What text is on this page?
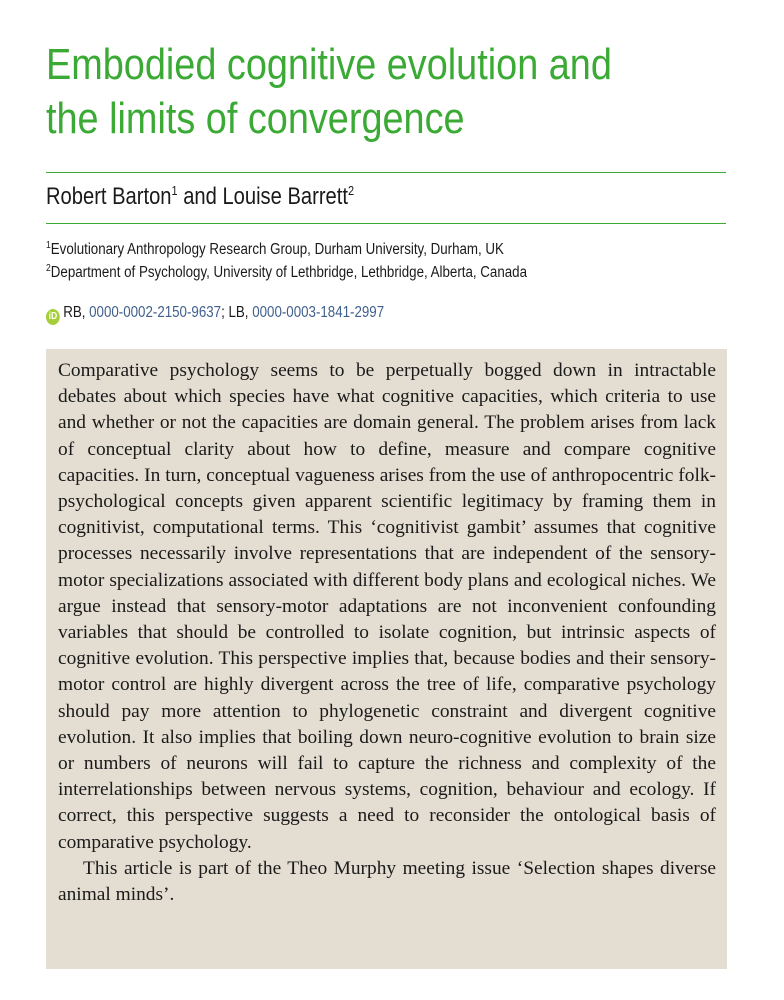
Embodied cognitive evolution and the limits of convergence
Robert Barton$^1$ and Louise Barrett$^2$
$^1$Evolutionary Anthropology Research Group, Durham University, Durham, UK
$^2$Department of Psychology, University of Lethbridge, Lethbridge, Alberta, Canada
iD RB, 0000-0002-2150-9637; LB, 0000-0003-1841-2997

Comparative psychology seems to be perpetually bogged down in intractable debates about which species have what cognitive capacities, which criteria to use and whether or not the capacities are domain general. The problem arises from lack of conceptual clarity about how to define, measure and compare cognitive capacities. In turn, conceptual vagueness arises from the use of anthropocentric folk-psychological concepts given apparent scientific legitimacy by framing them in cognitivist, computational terms. This ‘cognitivist gambit’ assumes that cognitive processes necessarily involve representations that are independent of the sensory-motor specializations associated with different body plans and ecological niches. We argue instead that sensory-motor adaptations are not inconvenient confounding variables that should be controlled to isolate cognition, but intrinsic aspects of cognitive evolution. This perspective implies that, because bodies and their sensory-motor control are highly divergent across the tree of life, comparative psychology should pay more attention to phylogenetic constraint and divergent cognitive evolution. It also implies that boiling down neuro-cognitive evolution to brain size or numbers of neurons will fail to capture the richness and complexity of the interrelationships between nervous systems, cognition, behaviour and ecology. If correct, this perspective suggests a need to reconsider the ontological basis of comparative psychology.

This article is part of the Theo Murphy meeting issue ‘Selection shapes diverse animal minds’.
